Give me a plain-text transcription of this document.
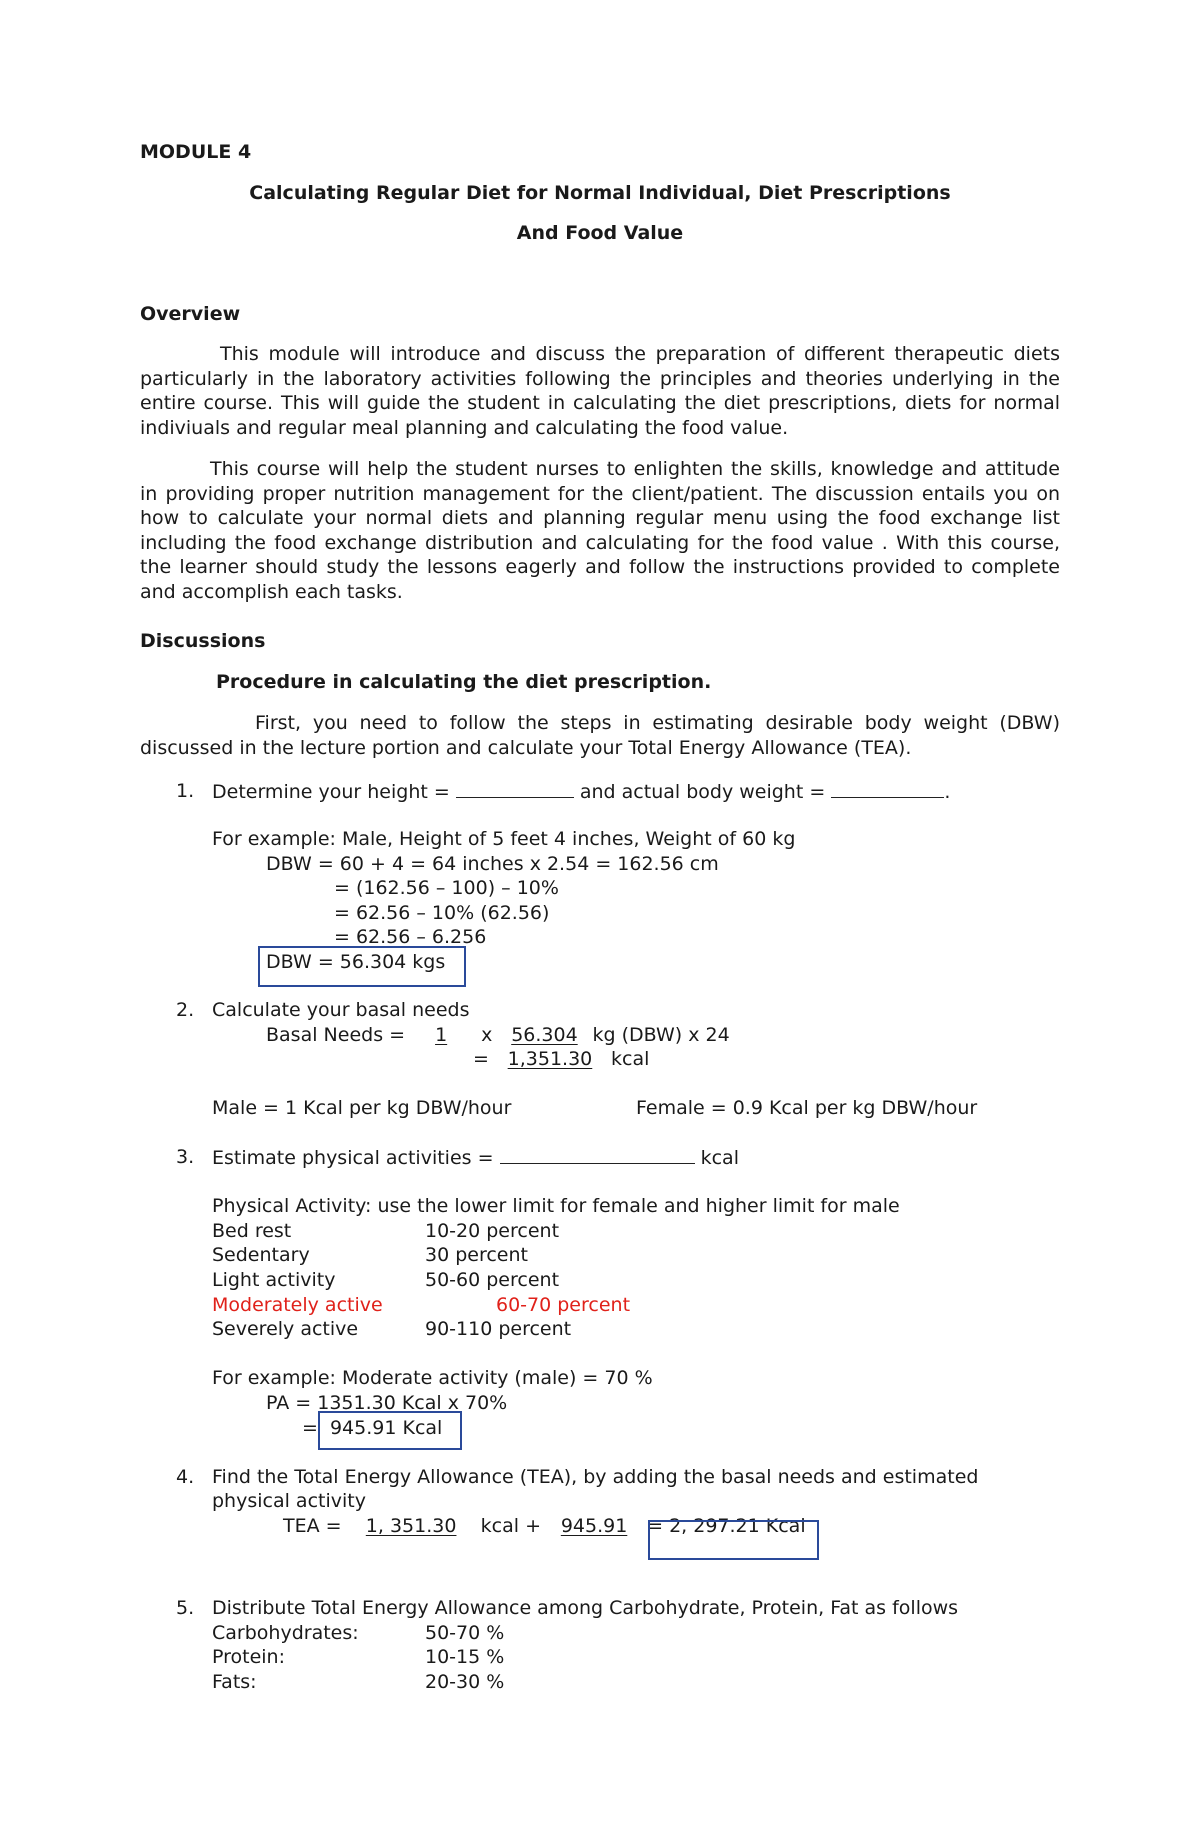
MODULE 4
Calculating Regular Diet for Normal Individual, Diet Prescriptions
And Food Value
Overview
This module will introduce and discuss the preparation of different therapeutic diets particularly in the laboratory activities following the principles and theories underlying in the entire course. This will guide the student in calculating the diet prescriptions, diets for normal indiviuals and regular meal planning and calculating the food value.
This course will help the student nurses to enlighten the skills, knowledge and attitude in providing proper nutrition management for the client/patient. The discussion entails you on how to calculate your normal diets and planning regular menu using the food exchange list including the food exchange distribution and calculating for the food value . With this course, the learner should study the lessons eagerly and follow the instructions provided to complete and accomplish each tasks.
Discussions
Procedure in calculating the diet prescription.
First, you need to follow the steps in estimating desirable body weight (DBW) discussed in the lecture portion and calculate your Total Energy Allowance (TEA).
1. Determine your height =	and actual body weight =	.
For example: Male, Height of 5 feet 4 inches, Weight of 60 kg
DBW = 60 + 4 = 64 inches x 2.54 = 162.56 cm
= (162.56 – 100) – 10%
= 62.56 – 10% (62.56)
= 62.56 – 6.256
DBW = 56.304 kgs
2. Calculate your basal needs
Basal Needs = 1 x 56.304 kg (DBW) x 24
= 1,351.30 kcal
Male = 1 Kcal per kg DBW/hour	Female = 0.9 Kcal per kg DBW/hour
3. Estimate physical activities =	kcal
Physical Activity: use the lower limit for female and higher limit for male
Bed rest	10-20 percent
Sedentary	30 percent
Light activity	50-60 percent
Moderately active	60-70 percent
Severely active	90-110 percent
For example: Moderate activity (male) = 70 %
PA = 1351.30 Kcal x 70%
= 945.91 Kcal
4. Find the Total Energy Allowance (TEA), by adding the basal needs and estimated
physical activity
TEA = 1, 351.30 kcal + 945.91 = 2, 297.21 Kcal
5. Distribute Total Energy Allowance among Carbohydrate, Protein, Fat as follows
Carbohydrates:	50-70 %
Protein:	10-15 %
Fats:	20-30 %
